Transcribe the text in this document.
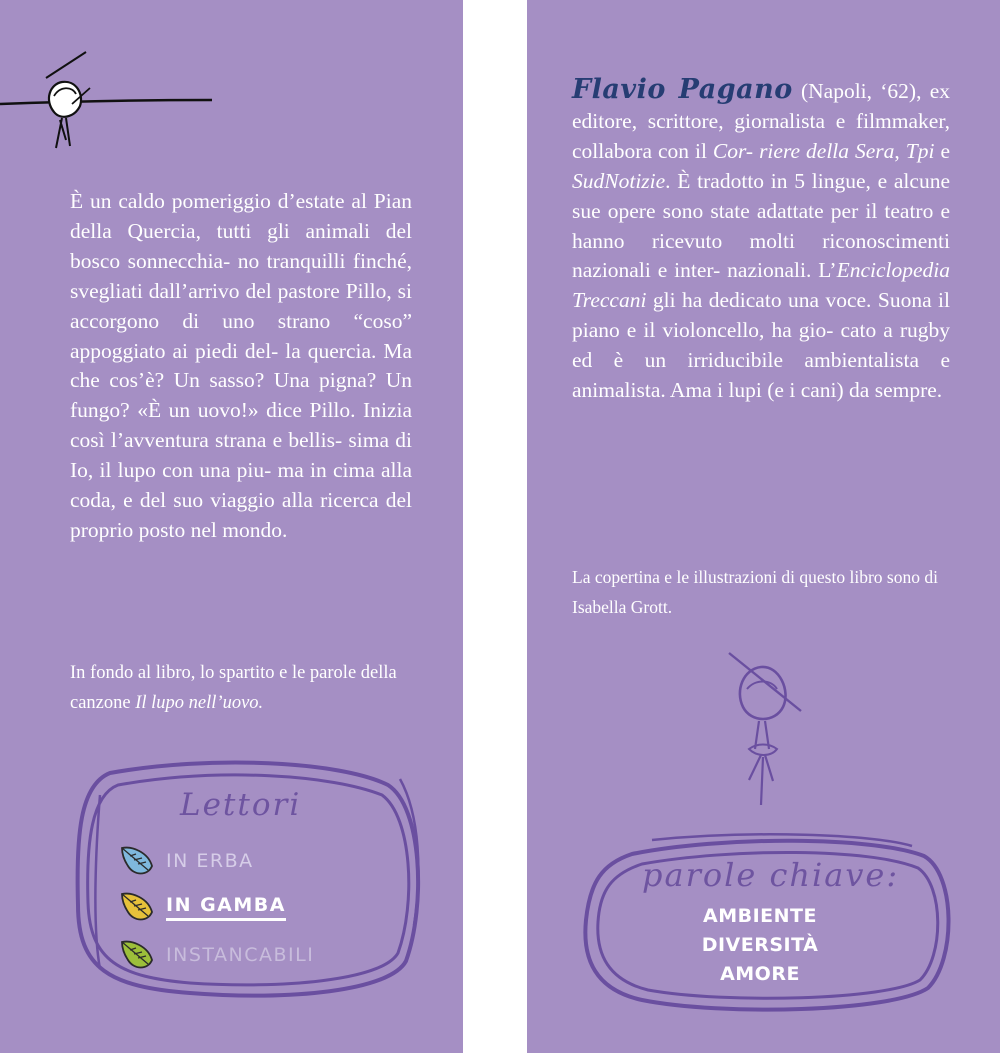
È un caldo pomeriggio d’estate al Pian della Quercia, tutti gli animali del bosco sonnecchia- no tranquilli finché, svegliati dall’arrivo del pastore Pillo, si accorgono di uno strano “coso” appoggiato ai piedi del- la quercia. Ma che cos’è? Un sasso? Una pigna? Un fungo? «È un uovo!» dice Pillo. Inizia così l’avventura strana e bellis- sima di Io, il lupo con una piu- ma in cima alla coda, e del suo viaggio alla ricerca del proprio posto nel mondo.
In fondo al libro, lo spartito e le parole della canzone Il lupo nell’uovo.
Lettori
IN ERBA
IN GAMBA
INSTANCABILI
Flavio Pagano (Napoli, ‘62), ex editore, scrittore, giornalista e filmmaker, collabora con il Cor- riere della Sera, Tpi e SudNotizie. È tradotto in 5 lingue, e alcune sue opere sono state adattate per il teatro e hanno ricevuto molti riconoscimenti nazionali e inter- nazionali. L’Enciclopedia Treccani gli ha dedicato una voce. Suona il piano e il violoncello, ha gio- cato a rugby ed è un irriducibile ambientalista e animalista. Ama i lupi (e i cani) da sempre.
La copertina e le illustrazioni di questo libro sono di Isabella Grott.
parole chiave:
AMBIENTE
DIVERSITÀ
AMORE
